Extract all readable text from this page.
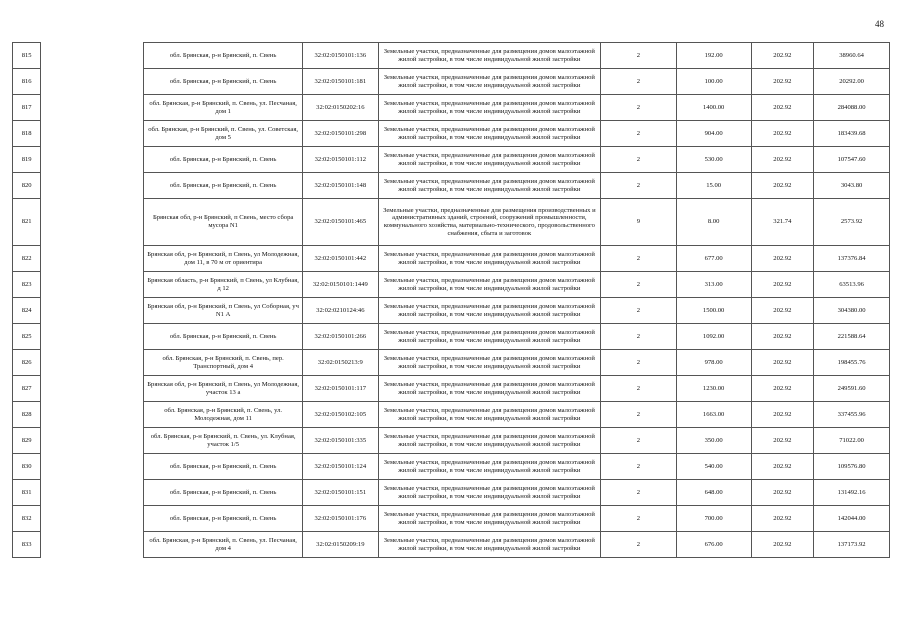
48
815		обл. Брянская, р-н Брянский, п. Свень	32:02:0150101:136	Земельные участки, предназначенные для размещения домов малоэтажной жилой застройки, в том числе индивидуальной жилой застройки	2	192.00	202.92	38960.64
816		обл. Брянская, р-н Брянский, п. Свень	32:02:0150101:181	Земельные участки, предназначенные для размещения домов малоэтажной жилой застройки, в том числе индивидуальной жилой застройки	2	100.00	202.92	20292.00
817		обл. Брянская, р-н Брянский, п. Свень, ул. Песчаная, дом 1	32:02:0150202:16	Земельные участки, предназначенные для размещения домов малоэтажной жилой застройки, в том числе индивидуальной жилой застройки	2	1400.00	202.92	284088.00
818		обл. Брянская, р-н Брянский, п. Свень, ул. Советская, дом 5	32:02:0150101:298	Земельные участки, предназначенные для размещения домов малоэтажной жилой застройки, в том числе индивидуальной жилой застройки	2	904.00	202.92	183439.68
819		обл. Брянская, р-н Брянский, п. Свень	32:02:0150101:112	Земельные участки, предназначенные для размещения домов малоэтажной жилой застройки, в том числе индивидуальной жилой застройки	2	530.00	202.92	107547.60
820		обл. Брянская, р-н Брянский, п. Свень	32:02:0150101:148	Земельные участки, предназначенные для размещения домов малоэтажной жилой застройки, в том числе индивидуальной жилой застройки	2	15.00	202.92	3043.80
821		Брянская обл, р-н Брянский, п Свень, место сбора мусора N1	32:02:0150101:465	Земельные участки, предназначенные для размещения производственных и административных зданий, строений, сооружений промышленности, коммунального хозяйства, материально-технического, продовольственного снабжения, сбыта и заготовок	9	8.00	321.74	2573.92
822		Брянская обл, р-н Брянский, п Свень, ул Молодежная, дом 11, в 70 м от ориентира	32:02:0150101:442	Земельные участки, предназначенные для размещения домов малоэтажной жилой застройки, в том числе индивидуальной жилой застройки	2	677.00	202.92	137376.84
823		Брянская область, р-н Брянский, п Свень, ул Клубная, д 12	32:02:0150101:1449	Земельные участки, предназначенные для размещения домов малоэтажной жилой застройки, в том числе индивидуальной жилой застройки	2	313.00	202.92	63513.96
824		Брянская обл, р-н Брянский, п Свень, ул Соборная, уч N1 А	32:02:0210124:46	Земельные участки, предназначенные для размещения домов малоэтажной жилой застройки, в том числе индивидуальной жилой застройки	2	1500.00	202.92	304380.00
825		обл. Брянская, р-н Брянский, п. Свень	32:02:0150101:266	Земельные участки, предназначенные для размещения домов малоэтажной жилой застройки, в том числе индивидуальной жилой застройки	2	1092.00	202.92	221588.64
826		обл. Брянская, р-н Брянский, п. Свень, пер. Транспортный, дом 4	32:02:0150213:9	Земельные участки, предназначенные для размещения домов малоэтажной жилой застройки, в том числе индивидуальной жилой застройки	2	978.00	202.92	198455.76
827		Брянская обл, р-н Брянский, п Свень, ул Молодежная, участок 13 а	32:02:0150101:117	Земельные участки, предназначенные для размещения домов малоэтажной жилой застройки, в том числе индивидуальной жилой застройки	2	1230.00	202.92	249591.60
828		обл. Брянская, р-н Брянский, п. Свень, ул. Молодежная, дом 11	32:02:0150102:105	Земельные участки, предназначенные для размещения домов малоэтажной жилой застройки, в том числе индивидуальной жилой застройки	2	1663.00	202.92	337455.96
829		обл. Брянская, р-н Брянский, п. Свень, ул. Клубная, участок 1/5	32:02:0150101:335	Земельные участки, предназначенные для размещения домов малоэтажной жилой застройки, в том числе индивидуальной жилой застройки	2	350.00	202.92	71022.00
830		обл. Брянская, р-н Брянский, п. Свень	32:02:0150101:124	Земельные участки, предназначенные для размещения домов малоэтажной жилой застройки, в том числе индивидуальной жилой застройки	2	540.00	202.92	109576.80
831		обл. Брянская, р-н Брянский, п. Свень	32:02:0150101:151	Земельные участки, предназначенные для размещения домов малоэтажной жилой застройки, в том числе индивидуальной жилой застройки	2	648.00	202.92	131492.16
832		обл. Брянская, р-н Брянский, п. Свень	32:02:0150101:176	Земельные участки, предназначенные для размещения домов малоэтажной жилой застройки, в том числе индивидуальной жилой застройки	2	700.00	202.92	142044.00
833		обл. Брянская, р-н Брянский, п. Свень, ул. Песчаная, дом 4	32:02:0150209:19	Земельные участки, предназначенные для размещения домов малоэтажной жилой застройки, в том числе индивидуальной жилой застройки	2	676.00	202.92	137173.92
